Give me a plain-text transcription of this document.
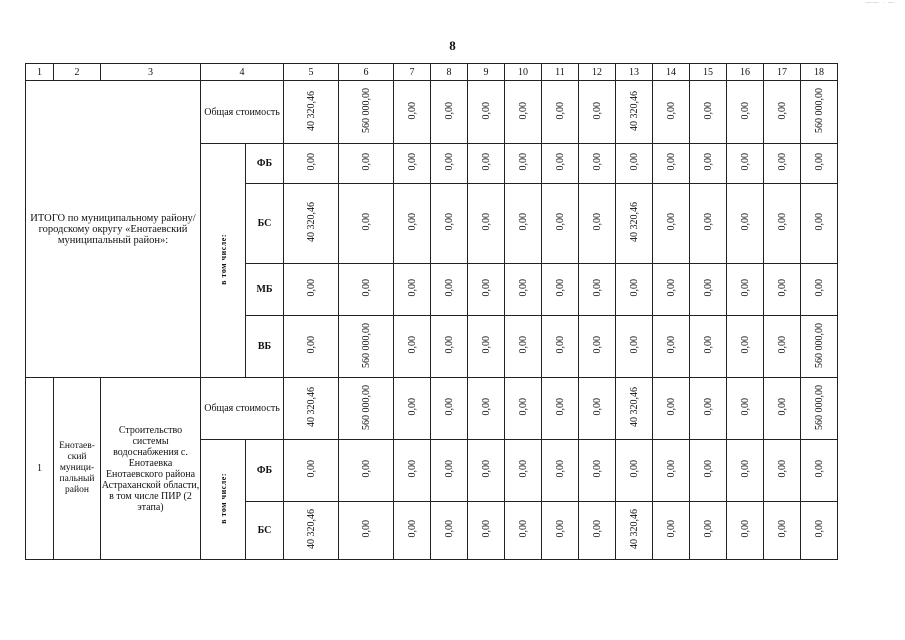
—— · —
8
1	2	3	4		5	6	7	8	9	10	11	12	13	14	15	16	17	18
ИТОГО по муниципальному району/ городскому округу «Енотаевский муниципальный район»:			Общая стоимость		40 320,46	560 000,00	0,00	0,00	0,00	0,00	0,00	0,00	40 320,46	0,00	0,00	0,00	0,00	560 000,00
			в том числе:	ФБ	0,00	0,00	0,00	0,00	0,00	0,00	0,00	0,00	0,00	0,00	0,00	0,00	0,00	0,00
				БС	40 320,46	0,00	0,00	0,00	0,00	0,00	0,00	0,00	40 320,46	0,00	0,00	0,00	0,00	0,00
				МБ	0,00	0,00	0,00	0,00	0,00	0,00	0,00	0,00	0,00	0,00	0,00	0,00	0,00	0,00
				ВБ	0,00	560 000,00	0,00	0,00	0,00	0,00	0,00	0,00	0,00	0,00	0,00	0,00	0,00	560 000,00
1	Енотаев-ский муници-пальный район	Строительство системы водоснабжения с. Енотаевка Енотаевского района Астраханской области, в том числе ПИР (2 этапа)	Общая стоимость		40 320,46	560 000,00	0,00	0,00	0,00	0,00	0,00	0,00	40 320,46	0,00	0,00	0,00	0,00	560 000,00
			в том числе:	ФБ	0,00	0,00	0,00	0,00	0,00	0,00	0,00	0,00	0,00	0,00	0,00	0,00	0,00	0,00
				БС	40 320,46	0,00	0,00	0,00	0,00	0,00	0,00	0,00	40 320,46	0,00	0,00	0,00	0,00	0,00
